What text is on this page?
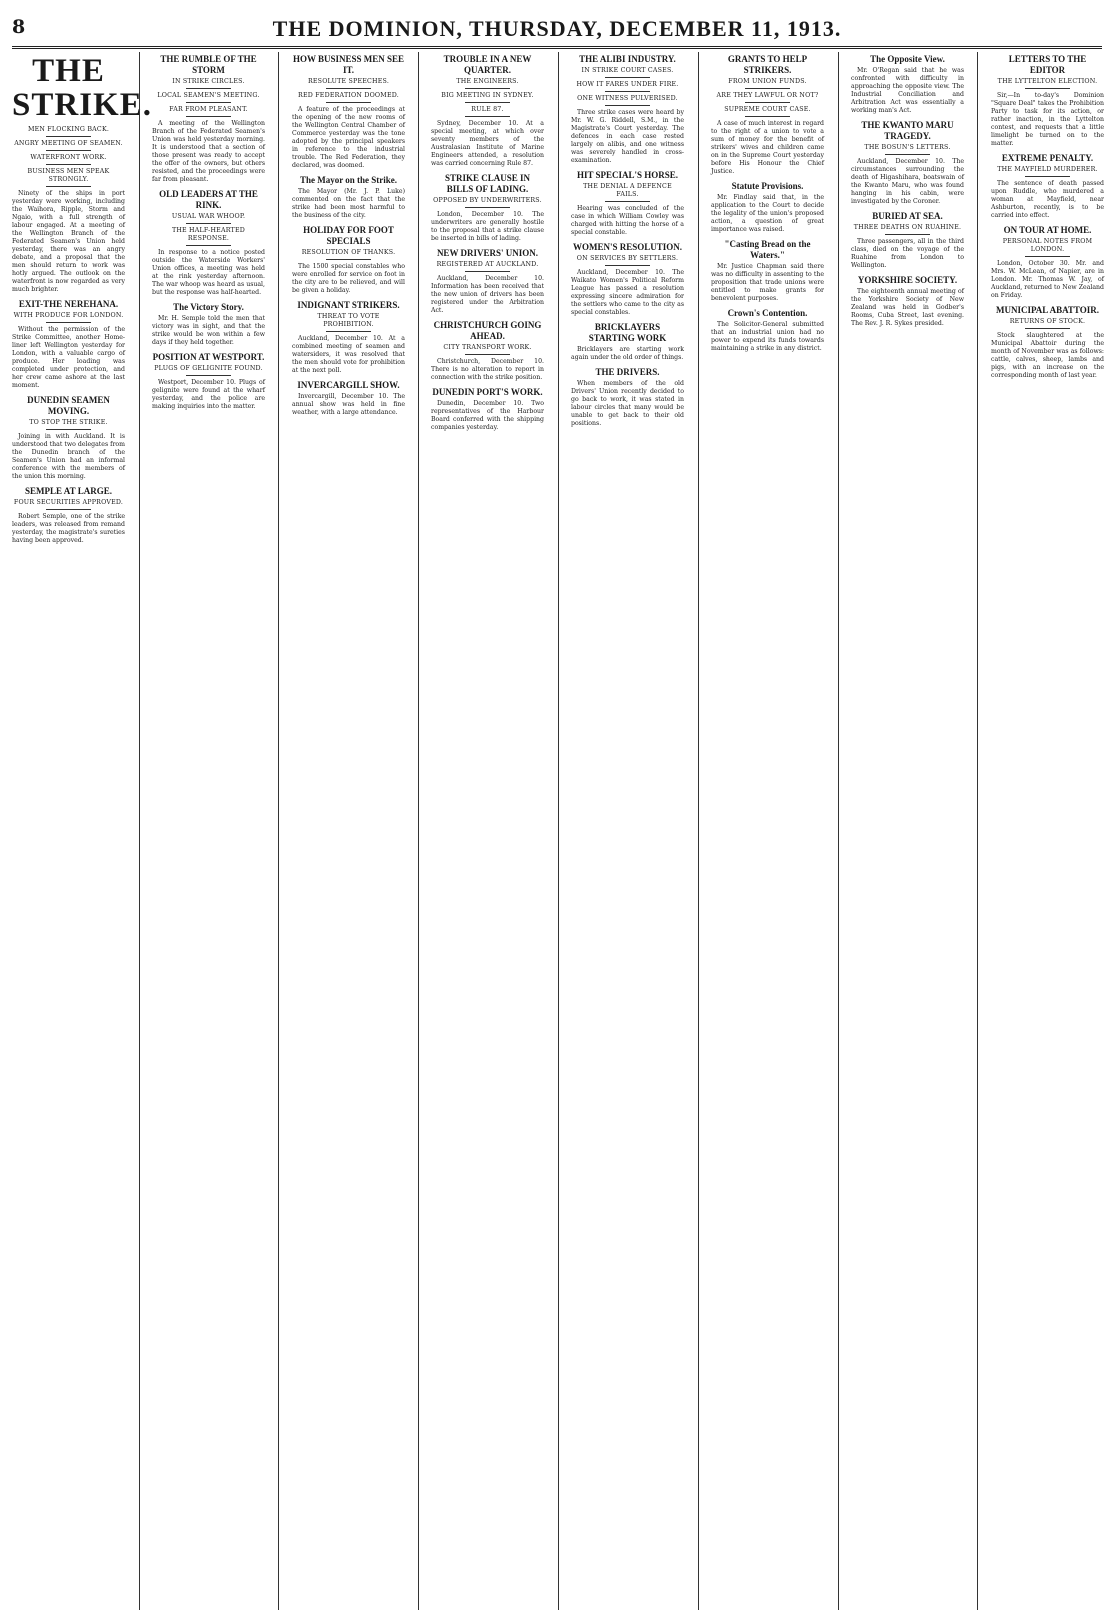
8	THE DOMINION, THURSDAY, DECEMBER 11, 1913.
THE STRIKE.
MEN FLOCKING BACK.
ANGRY MEETING OF SEAMEN.
WATERFRONT WORK.
BUSINESS MEN SPEAK STRONGLY.

Ninety of the ships in port yesterday were working, including the Waihora, Ripple, Storm and Ngaio, with a full strength of labour engaged. At a meeting of the Wellington Branch of the Federated Seamen's Union held yesterday, there was an angry debate, and a proposal that the men should return to work was hotly argued. The outlook on the waterfront is now regarded as very much brighter.

EXIT-THE NEREHANA.
WITH PRODUCE FOR LONDON.

Without the permission of the Strike Committee, another Home-liner left Wellington yesterday for London, with a valuable cargo of produce. Her loading was completed under protection, and her crew came ashore at the last moment.

DUNEDIN SEAMEN MOVING.
TO STOP THE STRIKE.

Joining in with Auckland. It is understood that two delegates from the Dunedin branch of the Seamen's Union had an informal conference with the members of the union this morning.

SEMPLE AT LARGE.
FOUR SECURITIES APPROVED.

Robert Semple, one of the strike leaders, was released from remand yesterday, the magistrate's sureties having been approved.

THE RUMBLE OF THE STORM
IN STRIKE CIRCLES.
LOCAL SEAMEN'S MEETING.
FAR FROM PLEASANT.

A meeting of the Wellington Branch of the Federated Seamen's Union was held yesterday morning. It is understood that a section of those present was ready to accept the offer of the owners, but others resisted, and the proceedings were far from pleasant.

OLD LEADERS AT THE RINK.
USUAL WAR WHOOP.
THE HALF-HEARTED RESPONSE.

In response to a notice posted outside the Waterside Workers' Union offices, a meeting was held at the rink yesterday afternoon. The war whoop was heard as usual, but the response was half-hearted.

The Victory Story.

Mr. H. Semple told the men that victory was in sight, and that the strike would be won within a few days if they held together.

POSITION AT WESTPORT.
PLUGS OF GELIGNITE FOUND.

Westport, December 10. Plugs of gelignite were found at the wharf yesterday, and the police are making inquiries into the matter.

HOW BUSINESS MEN SEE IT.
RESOLUTE SPEECHES.
RED FEDERATION DOOMED.

A feature of the proceedings at the opening of the new rooms of the Wellington Central Chamber of Commerce yesterday was the tone adopted by the principal speakers in reference to the industrial trouble. The Red Federation, they declared, was doomed.

The Mayor on the Strike.

The Mayor (Mr. J. P. Luke) commented on the fact that the strike had been most harmful to the business of the city.

HOLIDAY FOR FOOT SPECIALS
RESOLUTION OF THANKS.

The 1500 special constables who were enrolled for service on foot in the city are to be relieved, and will be given a holiday.

INDIGNANT STRIKERS.
THREAT TO VOTE PROHIBITION.

Auckland, December 10. At a combined meeting of seamen and watersiders, it was resolved that the men should vote for prohibition at the next poll.

INVERCARGILL SHOW.

Invercargill, December 10. The annual show was held in fine weather, with a large attendance.

TROUBLE IN A NEW QUARTER.
THE ENGINEERS.
BIG MEETING IN SYDNEY.
RULE 87.

Sydney, December 10. At a special meeting, at which over seventy members of the Australasian Institute of Marine Engineers attended, a resolution was carried concerning Rule 87.

STRIKE CLAUSE IN BILLS OF LADING.
OPPOSED BY UNDERWRITERS.

London, December 10. The underwriters are generally hostile to the proposal that a strike clause be inserted in bills of lading.

NEW DRIVERS' UNION.
REGISTERED AT AUCKLAND.

Auckland, December 10. Information has been received that the new union of drivers has been registered under the Arbitration Act.

CHRISTCHURCH GOING AHEAD.
CITY TRANSPORT WORK.

Christchurch, December 10. There is no alteration to report in connection with the strike position.

DUNEDIN PORT'S WORK.

Dunedin, December 10. Two representatives of the Harbour Board conferred with the shipping companies yesterday.

THE ALIBI INDUSTRY.
IN STRIKE COURT CASES.
HOW IT FARES UNDER FIRE.
ONE WITNESS PULVERISED.

Three strike cases were heard by Mr. W. G. Riddell, S.M., in the Magistrate's Court yesterday. The defences in each case rested largely on alibis, and one witness was severely handled in cross-examination.

HIT SPECIAL'S HORSE.
THE DENIAL A DEFENCE FAILS.

Hearing was concluded of the case in which William Cowley was charged with hitting the horse of a special constable.

WOMEN'S RESOLUTION.
ON SERVICES BY SETTLERS.

Auckland, December 10. The Waikato Women's Political Reform League has passed a resolution expressing sincere admiration for the settlers who came to the city as special constables.

BRICKLAYERS STARTING WORK

Bricklayers are starting work again under the old order of things.

THE DRIVERS.

When members of the old Drivers' Union recently decided to go back to work, it was stated in labour circles that many would be unable to get back to their old positions.

GRANTS TO HELP STRIKERS.
FROM UNION FUNDS.
ARE THEY LAWFUL OR NOT?
SUPREME COURT CASE.

A case of much interest in regard to the right of a union to vote a sum of money for the benefit of strikers' wives and children came on in the Supreme Court yesterday before His Honour the Chief Justice.

Statute Provisions.

Mr. Findlay said that, in the application to the Court to decide the legality of the union's proposed action, a question of great importance was raised.

"Casting Bread on the Waters."

Mr. Justice Chapman said there was no difficulty in assenting to the proposition that trade unions were entitled to make grants for benevolent purposes.

Crown's Contention.

The Solicitor-General submitted that an industrial union had no power to expend its funds towards maintaining a strike in any district.

The Opposite View.

Mr. O'Regan said that he was confronted with difficulty in approaching the opposite view. The Industrial Conciliation and Arbitration Act was essentially a working man's Act.

THE KWANTO MARU TRAGEDY.
THE BOSUN'S LETTERS.

Auckland, December 10. The circumstances surrounding the death of Higashihara, boatswain of the Kwanto Maru, who was found hanging in his cabin, were investigated by the Coroner.

BURIED AT SEA.
THREE DEATHS ON RUAHINE.

Three passengers, all in the third class, died on the voyage of the Ruahine from London to Wellington.

YORKSHIRE SOCIETY.

The eighteenth annual meeting of the Yorkshire Society of New Zealand was held in Godber's Rooms, Cuba Street, last evening. The Rev. J. R. Sykes presided.

LETTERS TO THE EDITOR
THE LYTTELTON ELECTION.

Sir,—In to-day's Dominion "Square Deal" takes the Prohibition Party to task for its action, or rather inaction, in the Lyttelton contest, and requests that a little limelight be turned on to the matter.

EXTREME PENALTY.
THE MAYFIELD MURDERER.

The sentence of death passed upon Ruddle, who murdered a woman at Mayfield, near Ashburton, recently, is to be carried into effect.

ON TOUR AT HOME.
PERSONAL NOTES FROM LONDON.

London, October 30. Mr. and Mrs. W. McLean, of Napier, are in London. Mr. Thomas W. Jay, of Auckland, returned to New Zealand on Friday.

MUNICIPAL ABATTOIR.
RETURNS OF STOCK.

Stock slaughtered at the Municipal Abattoir during the month of November was as follows: cattle, calves, sheep, lambs and pigs, with an increase on the corresponding month of last year.
